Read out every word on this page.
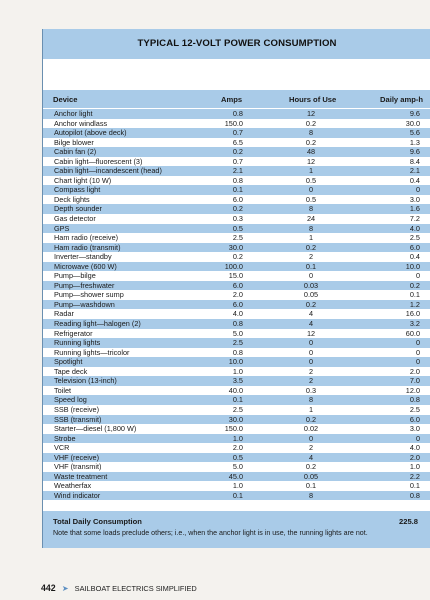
TYPICAL 12-VOLT POWER CONSUMPTION
Device	Amps	Hours of Use	Daily amp-h
Anchor light	0.8	12	9.6
Anchor windlass	150.0	0.2	30.0
Autopilot (above deck)	0.7	8	5.6
Bilge blower	6.5	0.2	1.3
Cabin fan (2)	0.2	48	9.6
Cabin light—fluorescent (3)	0.7	12	8.4
Cabin light—incandescent (head)	2.1	1	2.1
Chart light (10 W)	0.8	0.5	0.4
Compass light	0.1	0	0
Deck lights	6.0	0.5	3.0
Depth sounder	0.2	8	1.6
Gas detector	0.3	24	7.2
GPS	0.5	8	4.0
Ham radio (receive)	2.5	1	2.5
Ham radio (transmit)	30.0	0.2	6.0
Inverter—standby	0.2	2	0.4
Microwave (600 W)	100.0	0.1	10.0
Pump—bilge	15.0	0	0
Pump—freshwater	6.0	0.03	0.2
Pump—shower sump	2.0	0.05	0.1
Pump—washdown	6.0	0.2	1.2
Radar	4.0	4	16.0
Reading light—halogen (2)	0.8	4	3.2
Refrigerator	5.0	12	60.0
Running lights	2.5	0	0
Running lights—tricolor	0.8	0	0
Spotlight	10.0	0	0
Tape deck	1.0	2	2.0
Television (13-inch)	3.5	2	7.0
Toilet	40.0	0.3	12.0
Speed log	0.1	8	0.8
SSB (receive)	2.5	1	2.5
SSB (transmit)	30.0	0.2	6.0
Starter—diesel (1,800 W)	150.0	0.02	3.0
Strobe	1.0	0	0
VCR	2.0	2	4.0
VHF (receive)	0.5	4	2.0
VHF (transmit)	5.0	0.2	1.0
Waste treatment	45.0	0.05	2.2
Weatherfax	1.0	0.1	0.1
Wind indicator	0.1	8	0.8
Total Daily Consumption	225.8
Note that some loads preclude others; i.e., when the anchor light is in use, the running lights are not.
442 ➤ SAILBOAT ELECTRICS SIMPLIFIED
